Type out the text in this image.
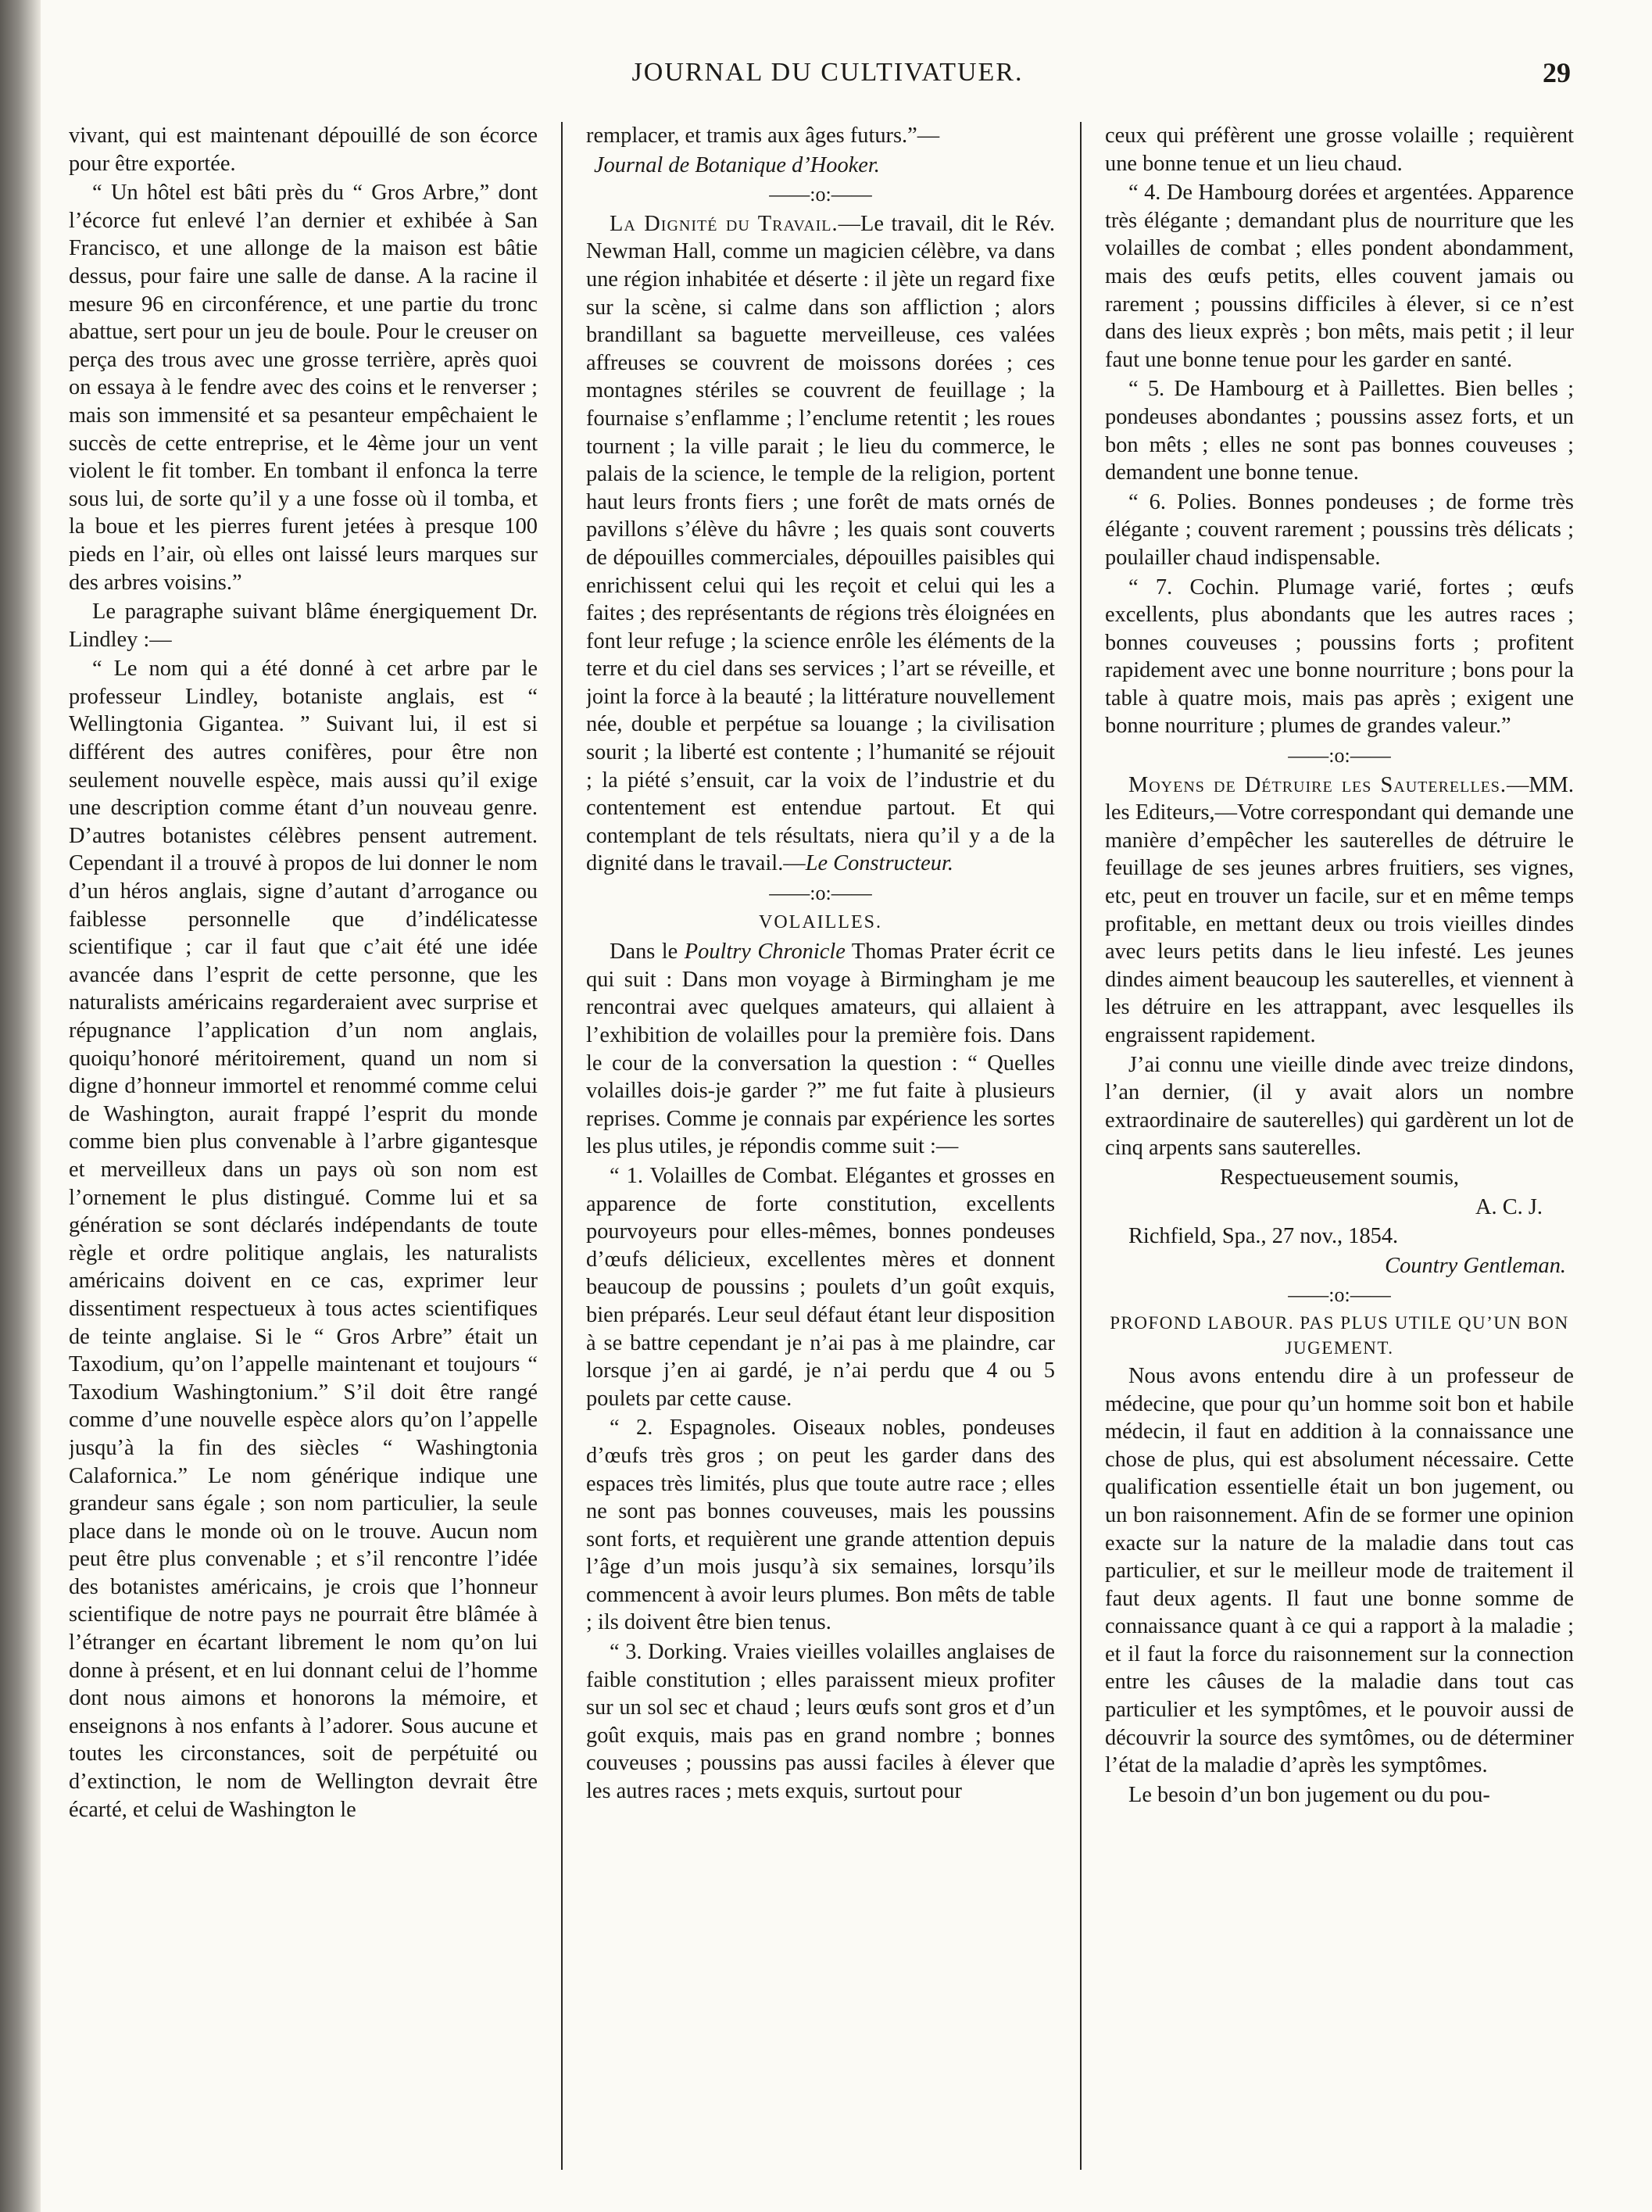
JOURNAL DU CULTIVATUER.	29

vivant, qui est maintenant dépouillé de son écorce pour être exportée.

“ Un hôtel est bâti près du “ Gros Arbre,” dont l’écorce fut enlevé l’an dernier et exhibée à San Francisco, et une allonge de la maison est bâtie dessus, pour faire une salle de danse. A la racine il mesure 96 en circonférence, et une partie du tronc abattue, sert pour un jeu de boule. Pour le creuser on perça des trous avec une grosse terrière, après quoi on essaya à le fendre avec des coins et le renverser ; mais son immensité et sa pesanteur empêchaient le succès de cette entreprise, et le 4ème jour un vent violent le fit tomber. En tombant il enfonca la terre sous lui, de sorte qu’il y a une fosse où il tomba, et la boue et les pierres furent jetées à presque 100 pieds en l’air, où elles ont laissé leurs marques sur des arbres voisins.”

Le paragraphe suivant blâme énergiquement Dr. Lindley :—

“ Le nom qui a été donné à cet arbre par le professeur Lindley, botaniste anglais, est “ Wellingtonia Gigantea. ” Suivant lui, il est si différent des autres conifères, pour être non seulement nouvelle espèce, mais aussi qu’il exige une description comme étant d’un nouveau genre. D’autres botanistes célèbres pensent autrement. Cependant il a trouvé à propos de lui donner le nom d’un héros anglais, signe d’autant d’arrogance ou faiblesse personnelle que d’indélicatesse scientifique ; car il faut que c’ait été une idée avancée dans l’esprit de cette personne, que les naturalists américains regarderaient avec surprise et répugnance l’application d’un nom anglais, quoiqu’honoré méritoirement, quand un nom si digne d’honneur immortel et renommé comme celui de Washington, aurait frappé l’esprit du monde comme bien plus convenable à l’arbre gigantesque et merveilleux dans un pays où son nom est l’ornement le plus distingué. Comme lui et sa génération se sont déclarés indépendants de toute règle et ordre politique anglais, les naturalists américains doivent en ce cas, exprimer leur dissentiment respectueux à tous actes scientifiques de teinte anglaise. Si le “ Gros Arbre” était un Taxodium, qu’on l’appelle maintenant et toujours “ Taxodium Washingtonium.” S’il doit être rangé comme d’une nouvelle espèce alors qu’on l’appelle jusqu’à la fin des siècles “ Washingtonia Calafornica.” Le nom générique indique une grandeur sans égale ; son nom particulier, la seule place dans le monde où on le trouve. Aucun nom peut être plus convenable ; et s’il rencontre l’idée des botanistes américains, je crois que l’honneur scientifique de notre pays ne pourrait être blâmée à l’étranger en écartant librement le nom qu’on lui donne à présent, et en lui donnant celui de l’homme dont nous aimons et honorons la mémoire, et enseignons à nos enfants à l’adorer. Sous aucune et toutes les circonstances, soit de perpétuité ou d’extinction, le nom de Wellington devrait être écarté, et celui de Washington le

remplacer, et tramis aux âges futurs.”—

Journal de Botanique d’Hooker.

——:o:——

La Dignité du Travail.—Le travail, dit le Rév. Newman Hall, comme un magicien célèbre, va dans une région inhabitée et déserte : il jète un regard fixe sur la scène, si calme dans son affliction ; alors brandillant sa baguette merveilleuse, ces valées affreuses se couvrent de moissons dorées ; ces montagnes stériles se couvrent de feuillage ; la fournaise s’enflamme ; l’enclume retentit ; les roues tournent ; la ville parait ; le lieu du commerce, le palais de la science, le temple de la religion, portent haut leurs fronts fiers ; une forêt de mats ornés de pavillons s’élève du hâvre ; les quais sont couverts de dépouilles commerciales, dépouilles paisibles qui enrichissent celui qui les reçoit et celui qui les a faites ; des représentants de régions très éloignées en font leur refuge ; la science enrôle les éléments de la terre et du ciel dans ses services ; l’art se réveille, et joint la force à la beauté ; la littérature nouvellement née, double et perpétue sa louange ; la civilisation sourit ; la liberté est contente ; l’humanité se réjouit ; la piété s’ensuit, car la voix de l’industrie et du contentement est entendue partout. Et qui contemplant de tels résultats, niera qu’il y a de la dignité dans le travail.—Le Constructeur.

——:o:——

VOLAILLES.

Dans le Poultry Chronicle Thomas Prater écrit ce qui suit : Dans mon voyage à Birmingham je me rencontrai avec quelques amateurs, qui allaient à l’exhibition de volailles pour la première fois. Dans le cour de la conversation la question : “ Quelles volailles dois-je garder ?” me fut faite à plusieurs reprises. Comme je connais par expérience les sortes les plus utiles, je répondis comme suit :—

“ 1. Volailles de Combat. Elégantes et grosses en apparence de forte constitution, excellents pourvoyeurs pour elles-mêmes, bonnes pondeuses d’œufs délicieux, excellentes mères et donnent beaucoup de poussins ; poulets d’un goût exquis, bien préparés. Leur seul défaut étant leur disposition à se battre cependant je n’ai pas à me plaindre, car lorsque j’en ai gardé, je n’ai perdu que 4 ou 5 poulets par cette cause.

“ 2. Espagnoles. Oiseaux nobles, pondeuses d’œufs très gros ; on peut les garder dans des espaces très limités, plus que toute autre race ; elles ne sont pas bonnes couveuses, mais les poussins sont forts, et requièrent une grande attention depuis l’âge d’un mois jusqu’à six semaines, lorsqu’ils commencent à avoir leurs plumes. Bon mêts de table ; ils doivent être bien tenus.

“ 3. Dorking. Vraies vieilles volailles anglaises de faible constitution ; elles paraissent mieux profiter sur un sol sec et chaud ; leurs œufs sont gros et d’un goût exquis, mais pas en grand nombre ; bonnes couveuses ; poussins pas aussi faciles à élever que les autres races ; mets exquis, surtout pour

ceux qui préfèrent une grosse volaille ; requièrent une bonne tenue et un lieu chaud.

“ 4. De Hambourg dorées et argentées. Apparence très élégante ; demandant plus de nourriture que les volailles de combat ; elles pondent abondamment, mais des œufs petits, elles couvent jamais ou rarement ; poussins difficiles à élever, si ce n’est dans des lieux exprès ; bon mêts, mais petit ; il leur faut une bonne tenue pour les garder en santé.

“ 5. De Hambourg et à Paillettes. Bien belles ; pondeuses abondantes ; poussins assez forts, et un bon mêts ; elles ne sont pas bonnes couveuses ; demandent une bonne tenue.

“ 6. Polies. Bonnes pondeuses ; de forme très élégante ; couvent rarement ; poussins très délicats ; poulailler chaud indispensable.

“ 7. Cochin. Plumage varié, fortes ; œufs excellents, plus abondants que les autres races ; bonnes couveuses ; poussins forts ; profitent rapidement avec une bonne nourriture ; bons pour la table à quatre mois, mais pas après ; exigent une bonne nourriture ; plumes de grandes valeur.”

——:o:——

Moyens de Détruire les Sauterelles.—MM. les Editeurs,—Votre correspondant qui demande une manière d’empêcher les sauterelles de détruire le feuillage de ses jeunes arbres fruitiers, ses vignes, etc, peut en trouver un facile, sur et en même temps profitable, en mettant deux ou trois vieilles dindes avec leurs petits dans le lieu infesté. Les jeunes dindes aiment beaucoup les sauterelles, et viennent à les détruire en les attrappant, avec lesquelles ils engraissent rapidement.

J’ai connu une vieille dinde avec treize dindons, l’an dernier, (il y avait alors un nombre extraordinaire de sauterelles) qui gardèrent un lot de cinq arpents sans sauterelles.

Respectueusement soumis,

A. C. J.

Richfield, Spa., 27 nov., 1854.

Country Gentleman.

——:o:——

PROFOND LABOUR. PAS PLUS UTILE QU’UN BON JUGEMENT.

Nous avons entendu dire à un professeur de médecine, que pour qu’un homme soit bon et habile médecin, il faut en addition à la connaissance une chose de plus, qui est absolument nécessaire. Cette qualification essentielle était un bon jugement, ou un bon raisonnement. Afin de se former une opinion exacte sur la nature de la maladie dans tout cas particulier, et sur le meilleur mode de traitement il faut deux agents. Il faut une bonne somme de connaissance quant à ce qui a rapport à la maladie ; et il faut la force du raisonnement sur la connection entre les câuses de la maladie dans tout cas particulier et les symptômes, et le pouvoir aussi de découvrir la source des symtômes, ou de déterminer l’état de la maladie d’après les symptômes.

Le besoin d’un bon jugement ou du pou-
